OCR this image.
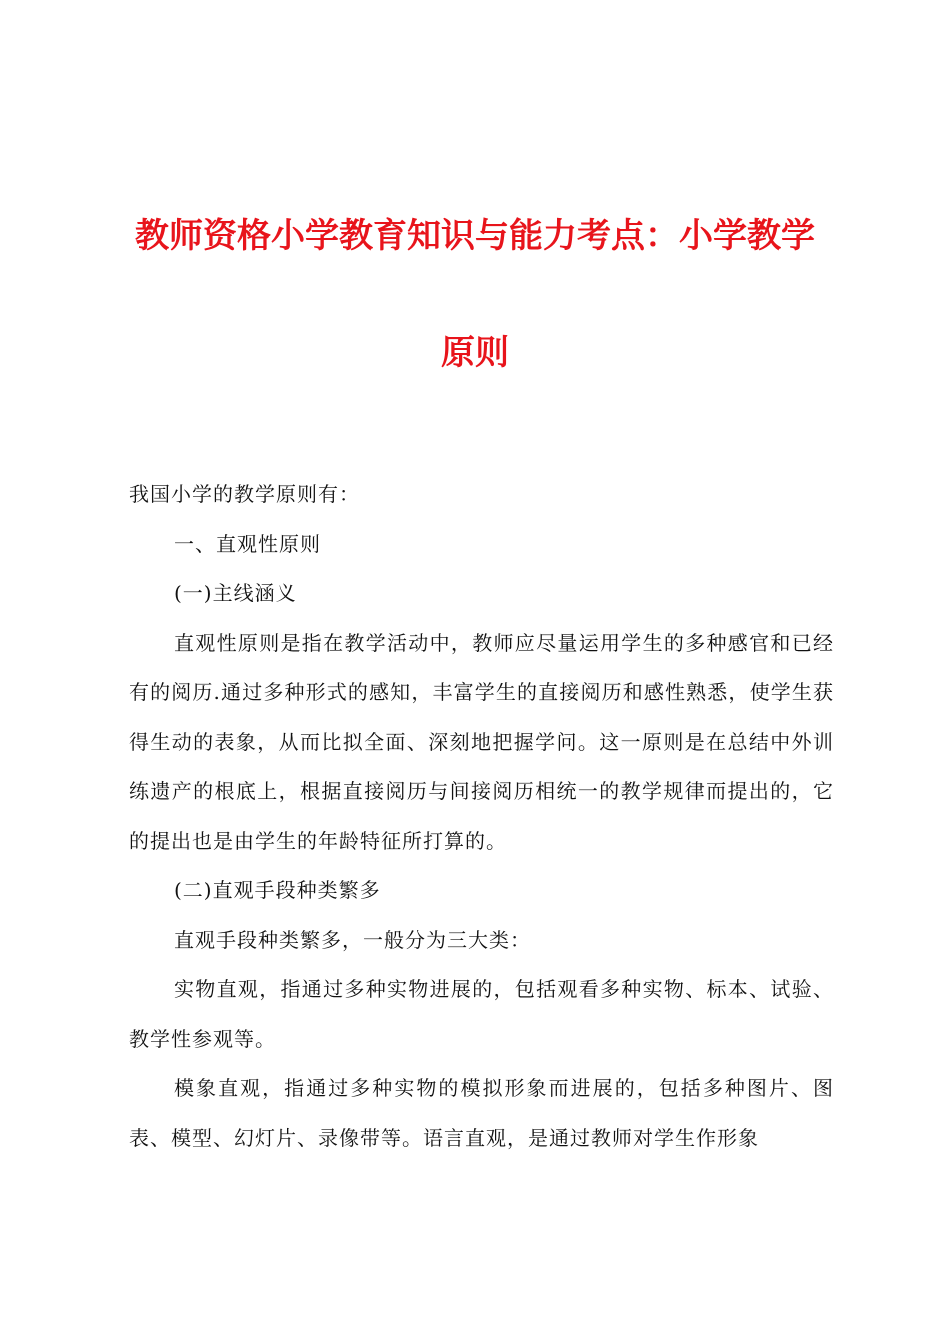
教师资格小学教育知识与能力考点：小学教学
原则

我国小学的教学原则有：

一、直观性原则

(一)主线涵义

直观性原则是指在教学活动中，教师应尽量运用学生的多种感官和已经有的阅历.通过多种形式的感知，丰富学生的直接阅历和感性熟悉，使学生获得生动的表象，从而比拟全面、深刻地把握学问。这一原则是在总结中外训练遗产的根底上，根据直接阅历与间接阅历相统一的教学规律而提出的，它的提出也是由学生的年龄特征所打算的。

(二)直观手段种类繁多

直观手段种类繁多，一般分为三大类：

实物直观，指通过多种实物进展的，包括观看多种实物、标本、试验、教学性参观等。

模象直观，指通过多种实物的模拟形象而进展的，包括多种图片、图表、模型、幻灯片、录像带等。语言直观，是通过教师对学生作形象
